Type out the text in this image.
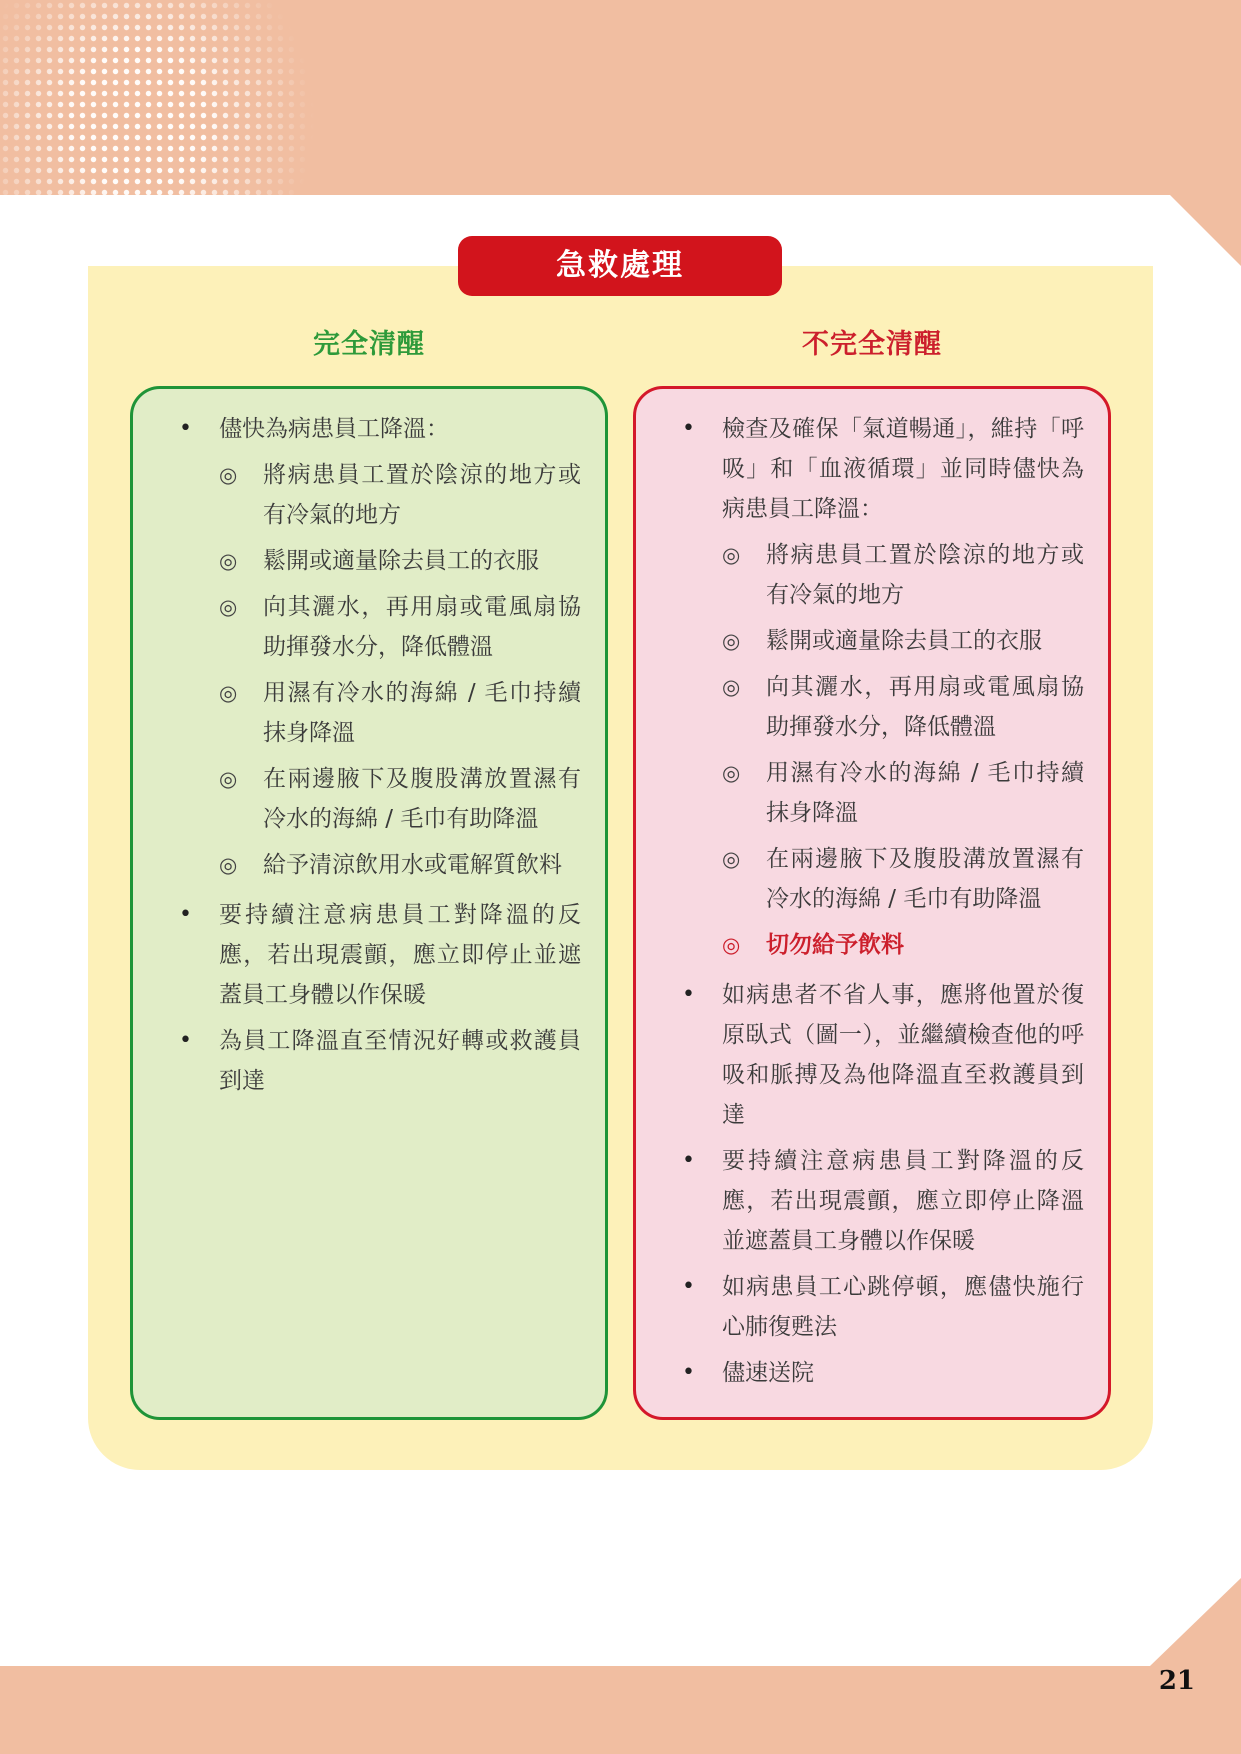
21
急救處理
完全清醒	不完全清醒
• 儘快為病患員工降溫：
◎ 將病患員工置於陰涼的地方或有冷氣的地方
◎ 鬆開或適量除去員工的衣服
◎ 向其灑水，再用扇或電風扇協助揮發水分，降低體溫
◎ 用濕有冷水的海綿 / 毛巾持續抹身降溫
◎ 在兩邊腋下及腹股溝放置濕有冷水的海綿 / 毛巾有助降溫
◎ 給予清涼飲用水或電解質飲料
• 要持續注意病患員工對降溫的反應，若出現震顫，應立即停止並遮蓋員工身體以作保暖
• 為員工降溫直至情況好轉或救護員到達
• 檢查及確保「氣道暢通」，維持「呼吸」和「血液循環」並同時儘快為病患員工降溫：
◎ 將病患員工置於陰涼的地方或有冷氣的地方
◎ 鬆開或適量除去員工的衣服
◎ 向其灑水，再用扇或電風扇協助揮發水分，降低體溫
◎ 用濕有冷水的海綿 / 毛巾持續抹身降溫
◎ 在兩邊腋下及腹股溝放置濕有冷水的海綿 / 毛巾有助降溫
◎ 切勿給予飲料
• 如病患者不省人事，應將他置於復原臥式（圖一），並繼續檢查他的呼吸和脈搏及為他降溫直至救護員到達
• 要持續注意病患員工對降溫的反應，若出現震顫，應立即停止降溫並遮蓋員工身體以作保暖
• 如病患員工心跳停頓，應儘快施行心肺復甦法
• 儘速送院
